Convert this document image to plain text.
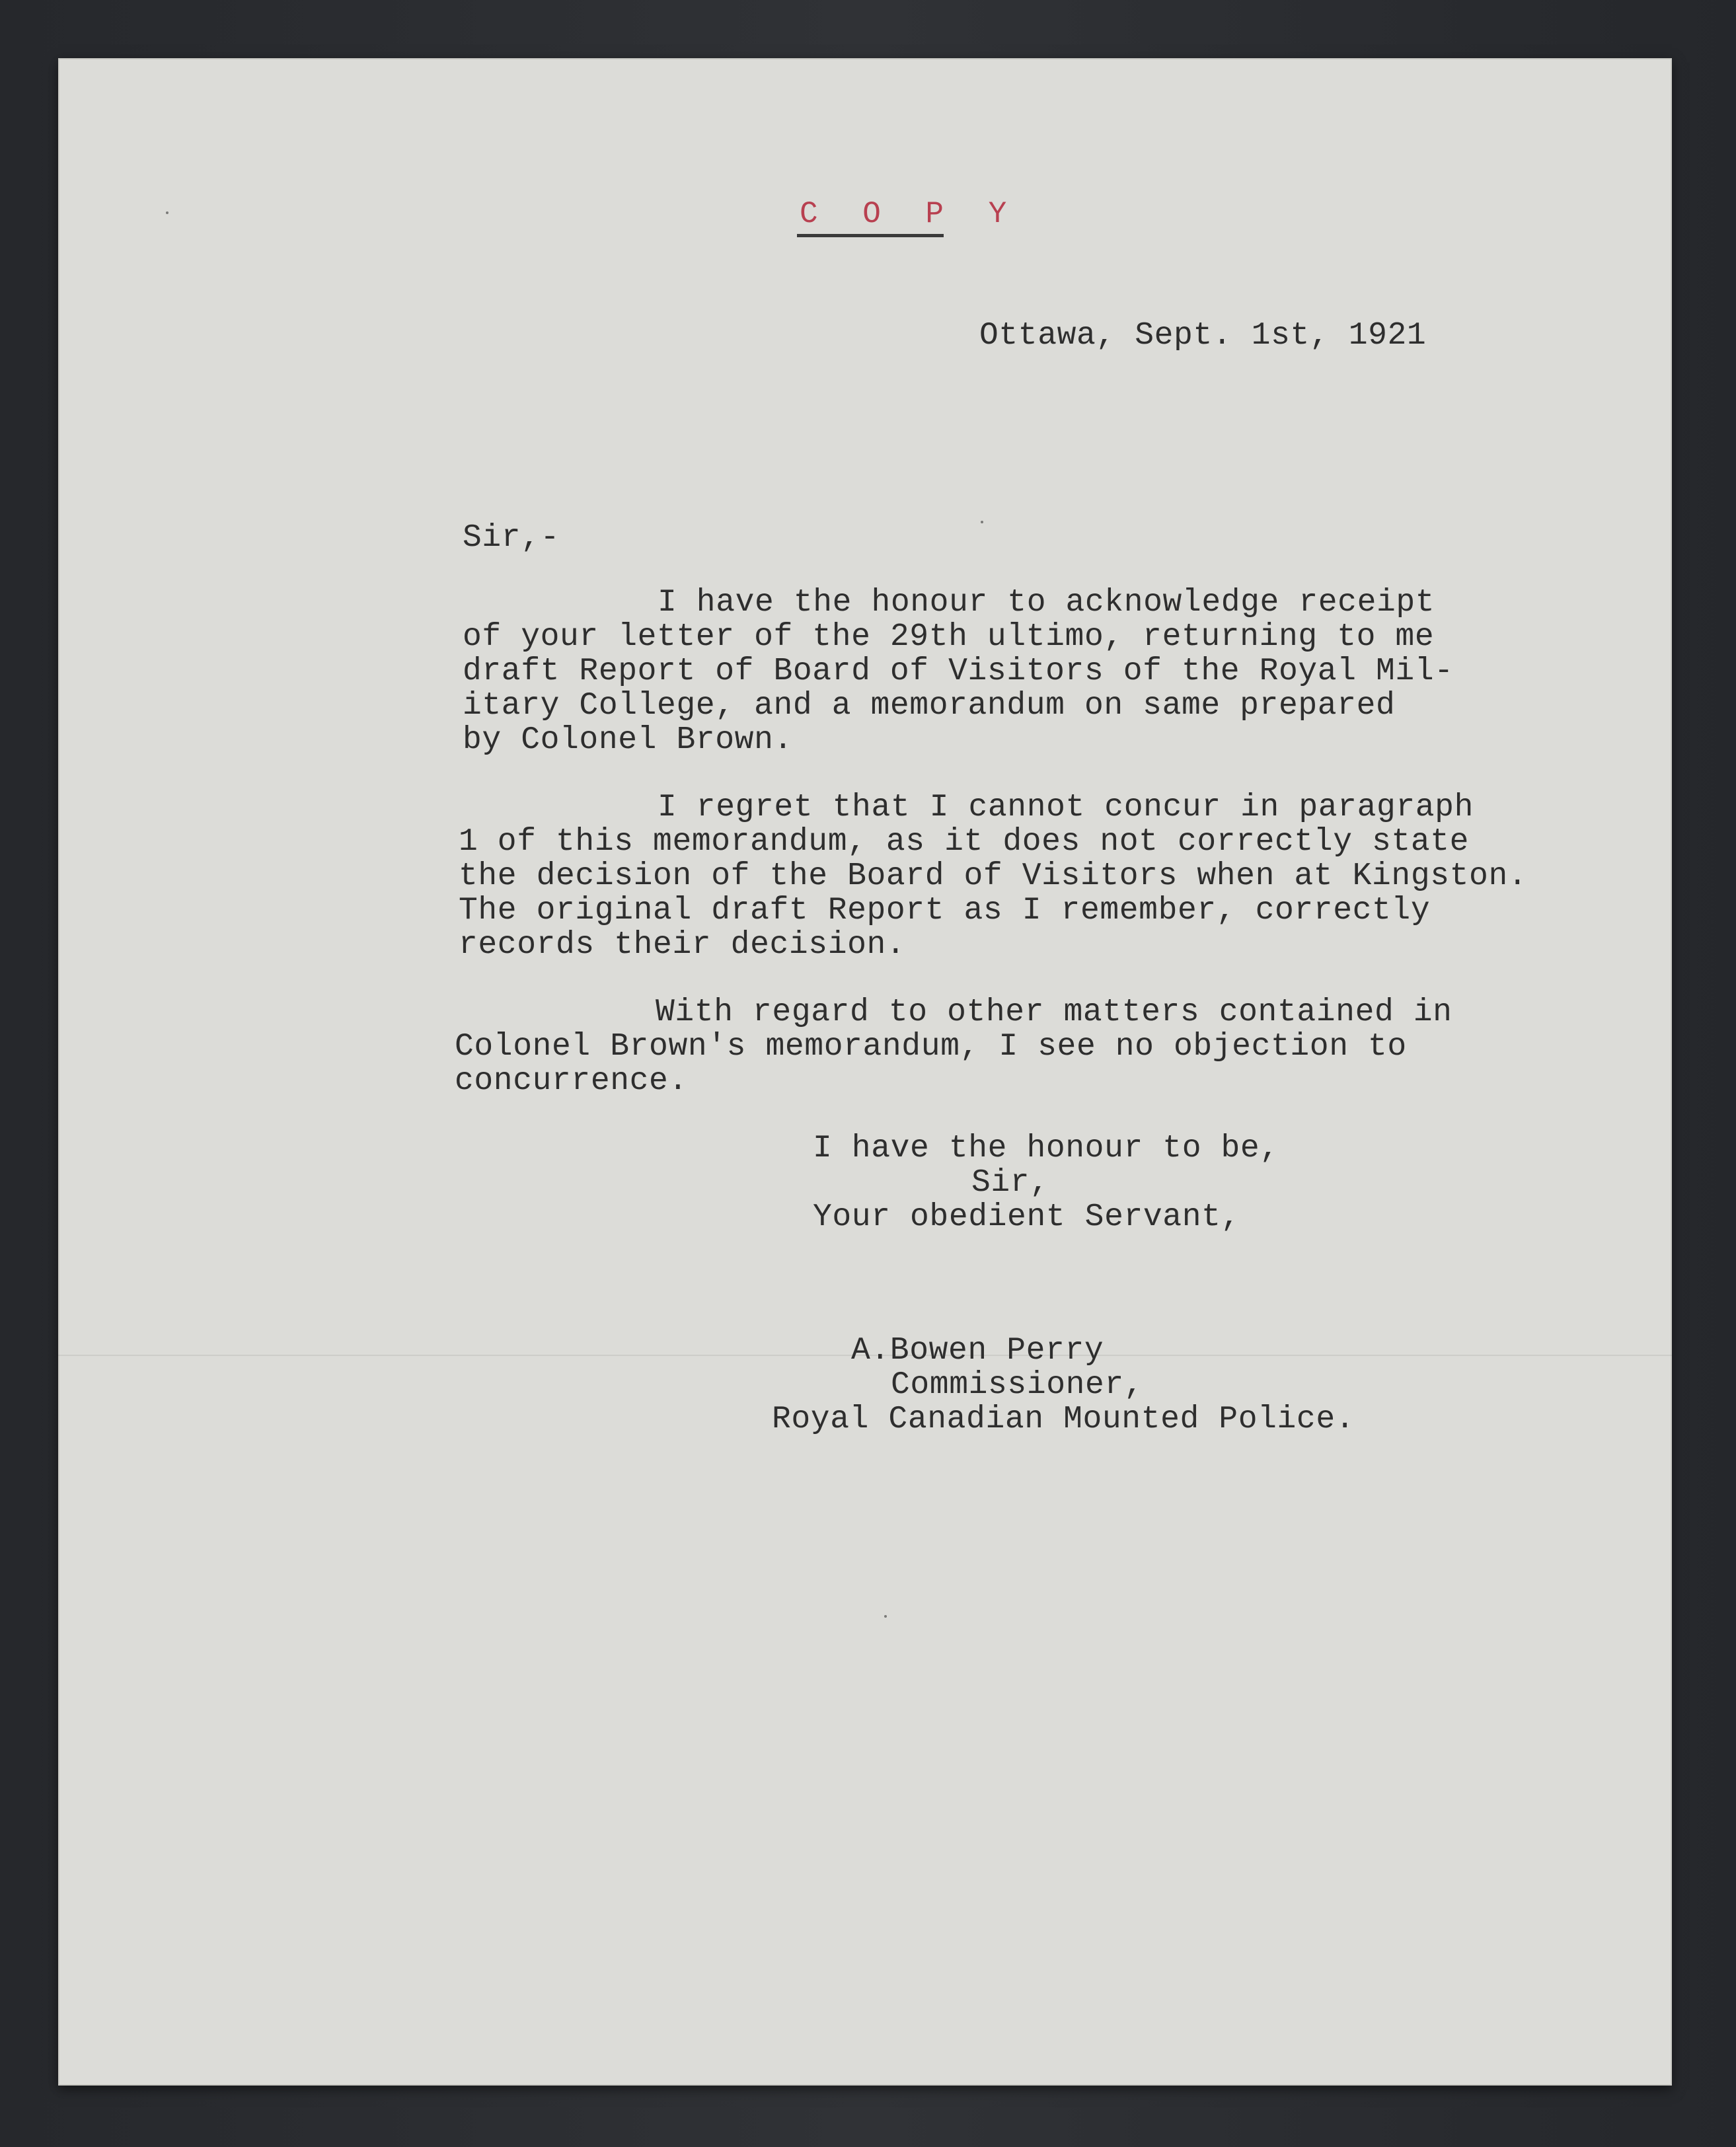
C O P Y
Ottawa, Sept. 1st, 1921
Sir,-
I have the honour to acknowledge receipt
of your letter of the 29th ultimo, returning to me
draft Report of Board of Visitors of the Royal Mil-
itary College, and a memorandum on same prepared
by Colonel Brown.
I regret that I cannot concur in paragraph
1 of this memorandum, as it does not correctly state
the decision of the Board of Visitors when at Kingston.
The original draft Report as I remember, correctly
records their decision.
With regard to other matters contained in
Colonel Brown's memorandum, I see no objection to
concurrence.
I have the honour to be,
Sir,
Your obedient Servant,
A.Bowen Perry
Commissioner,
Royal Canadian Mounted Police.
